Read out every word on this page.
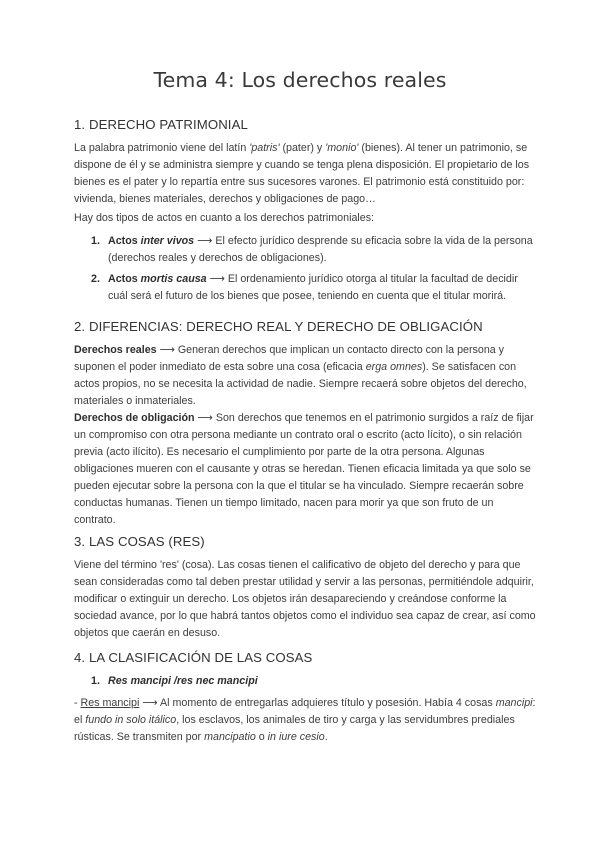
Tema 4: Los derechos reales
1. DERECHO PATRIMONIAL

La palabra patrimonio viene del latín 'patris' (pater) y 'monio' (bienes). Al tener un patrimonio, se dispone de él y se administra siempre y cuando se tenga plena disposición. El propietario de los bienes es el pater y lo repartía entre sus sucesores varones. El patrimonio está constituido por: vivienda, bienes materiales, derechos y obligaciones de pago…

Hay dos tipos de actos en cuanto a los derechos patrimoniales:

1. Actos inter vivos ⟶ El efecto jurídico desprende su eficacia sobre la vida de la persona (derechos reales y derechos de obligaciones).
2. Actos mortis causa ⟶ El ordenamiento jurídico otorga al titular la facultad de decidir cuál será el futuro de los bienes que posee, teniendo en cuenta que el titular morirá.
2. DIFERENCIAS: DERECHO REAL Y DERECHO DE OBLIGACIÓN

Derechos reales ⟶ Generan derechos que implican un contacto directo con la persona y suponen el poder inmediato de esta sobre una cosa (eficacia erga omnes). Se satisfacen con actos propios, no se necesita la actividad de nadie. Siempre recaerá sobre objetos del derecho, materiales o inmateriales.

Derechos de obligación ⟶ Son derechos que tenemos en el patrimonio surgidos a raíz de fijar un compromiso con otra persona mediante un contrato oral o escrito (acto lícito), o sin relación previa (acto ilícito). Es necesario el cumplimiento por parte de la otra persona. Algunas obligaciones mueren con el causante y otras se heredan. Tienen eficacia limitada ya que solo se pueden ejecutar sobre la persona con la que el titular se ha vinculado. Siempre recaerán sobre conductas humanas. Tienen un tiempo limitado, nacen para morir ya que son fruto de un contrato.

3. LAS COSAS (RES)

Viene del término 'res' (cosa). Las cosas tienen el calificativo de objeto del derecho y para que sean consideradas como tal deben prestar utilidad y servir a las personas, permitiéndole adquirir, modificar o extinguir un derecho. Los objetos irán desapareciendo y creándose conforme la sociedad avance, por lo que habrá tantos objetos como el individuo sea capaz de crear, así como objetos que caerán en desuso.

4. LA CLASIFICACIÓN DE LAS COSAS
1. Res mancipi /res nec mancipi

- Res mancipi ⟶ Al momento de entregarlas adquieres título y posesión. Había 4 cosas mancipi: el fundo in solo itálico, los esclavos, los animales de tiro y carga y las servidumbres prediales rústicas. Se transmiten por mancipatio o in iure cesio.
